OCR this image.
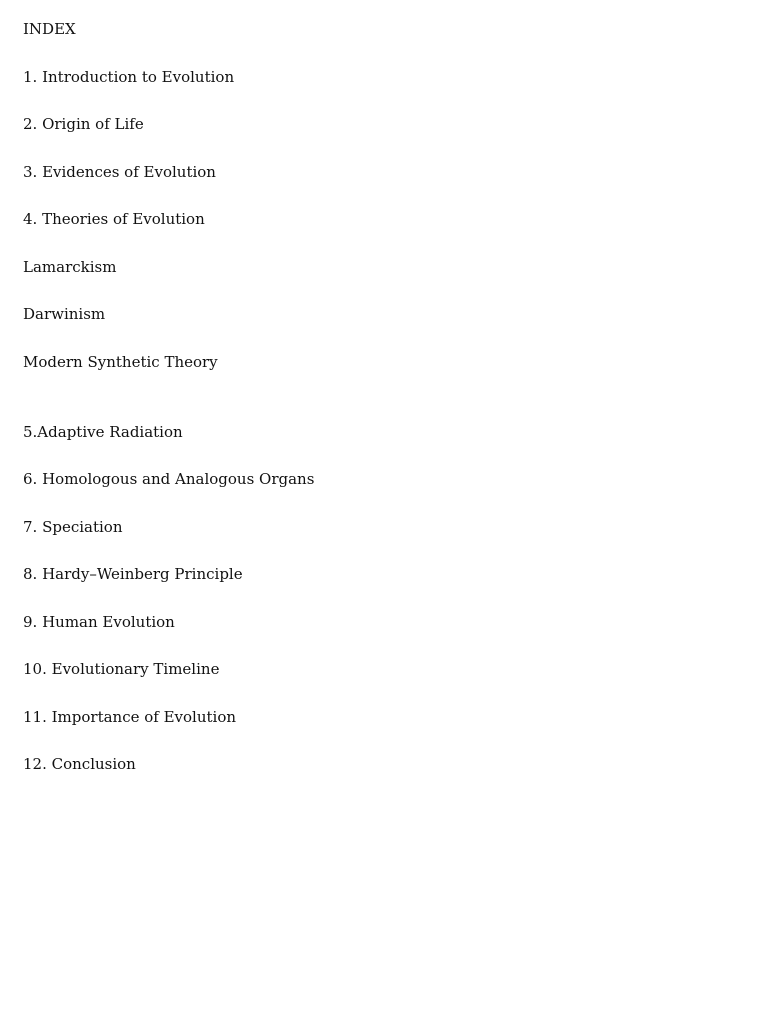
INDEX
1. Introduction to Evolution
2. Origin of Life
3. Evidences of Evolution
4. Theories of Evolution
Lamarckism
Darwinism
Modern Synthetic Theory
5.Adaptive Radiation
6. Homologous and Analogous Organs
7. Speciation
8. Hardy–Weinberg Principle
9. Human Evolution
10. Evolutionary Timeline
11. Importance of Evolution
12. Conclusion
